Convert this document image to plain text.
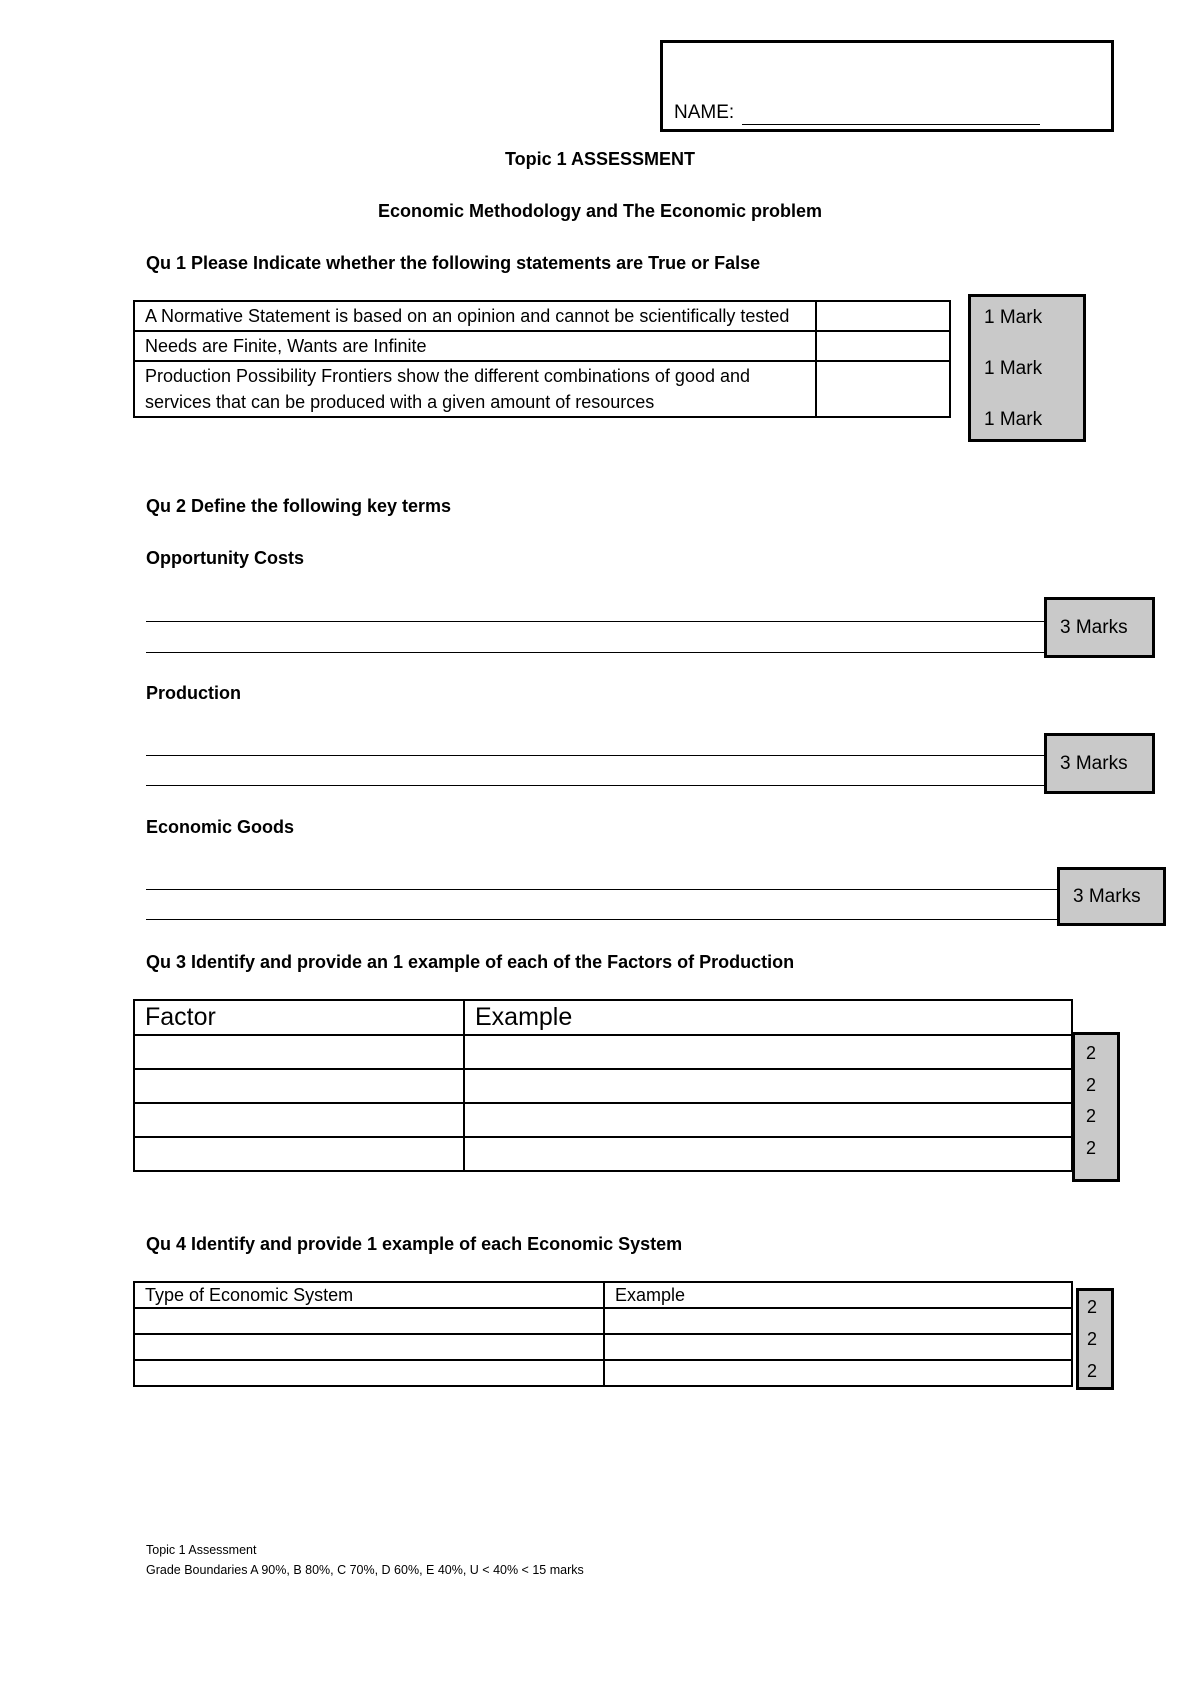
NAME:
Topic 1 ASSESSMENT
Economic Methodology and The Economic problem
Qu 1 Please Indicate whether the following statements are True or False
A Normative Statement is based on an opinion and cannot be scientifically tested	
Needs are Finite, Wants are Infinite	
Production Possibility Frontiers show the different combinations of good and services that can be produced with a given amount of resources	
1 Mark
1 Mark
1 Mark
Qu 2 Define the following key terms
Opportunity Costs
3 Marks
Production
3 Marks
Economic Goods
3 Marks
Qu 3 Identify and provide an 1 example of each of the Factors of Production
Factor	Example

2
2
2
2
Qu 4 Identify and provide 1 example of each Economic System
Type of Economic System	Example

2
2
2
Topic 1 Assessment
Grade Boundaries A 90%, B 80%, C 70%, D 60%, E 40%, U < 40% < 15 marks
